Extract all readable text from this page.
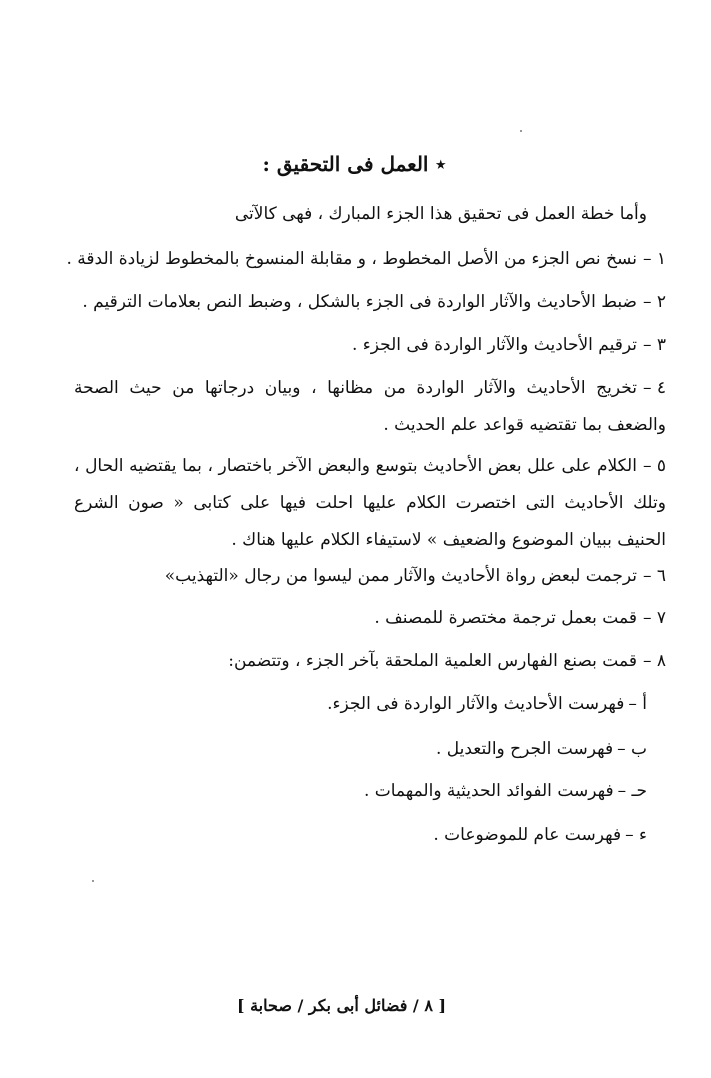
⋆العمل فى التحقيق :
وأما خطة العمل فى تحقيق هذا الجزء المبارك ، فهى كالآتى
١ –نسخ نص الجزء من الأصل المخطوط ، و مقابلة المنسوخ بالمخطوط لزيادة الدقة .
٢ –ضبط الأحاديث والآثار الواردة فى الجزء بالشكل ، وضبط النص بعلامات الترقيم .
٣ –ترقيم الأحاديث والآثار الواردة فى الجزء .
٤ –تخريج الأحاديث والآثار الواردة من مظانها ، وبيان درجاتها من حيث الصحة والضعف بما تقتضيه قواعد علم الحديث .
٥ –الكلام على علل بعض الأحاديث بتوسع والبعض الآخر باختصار ، بما يقتضيه الحال ، وتلك الأحاديث التى اختصرت الكلام عليها احلت فيها على كتابى « صون الشرع الحنيف ببيان الموضوع والضعيف » لاستيفاء الكلام عليها هناك .
٦ –ترجمت لبعض رواة الأحاديث والآثار ممن ليسوا من رجال «التهذيب»
٧ –قمت بعمل ترجمة مختصرة للمصنف .
٨ –قمت بصنع الفهارس العلمية الملحقة بآخر الجزء ، وتتضمن:
أ –فهرست الأحاديث والآثار الواردة فى الجزء.
ب –فهرست الجرح والتعديل .
حـ –فهرست الفوائد الحديثية والمهمات .
ء –فهرست عام للموضوعات .
[ ٨ / فضائل أبى بكر / صحابة ]
